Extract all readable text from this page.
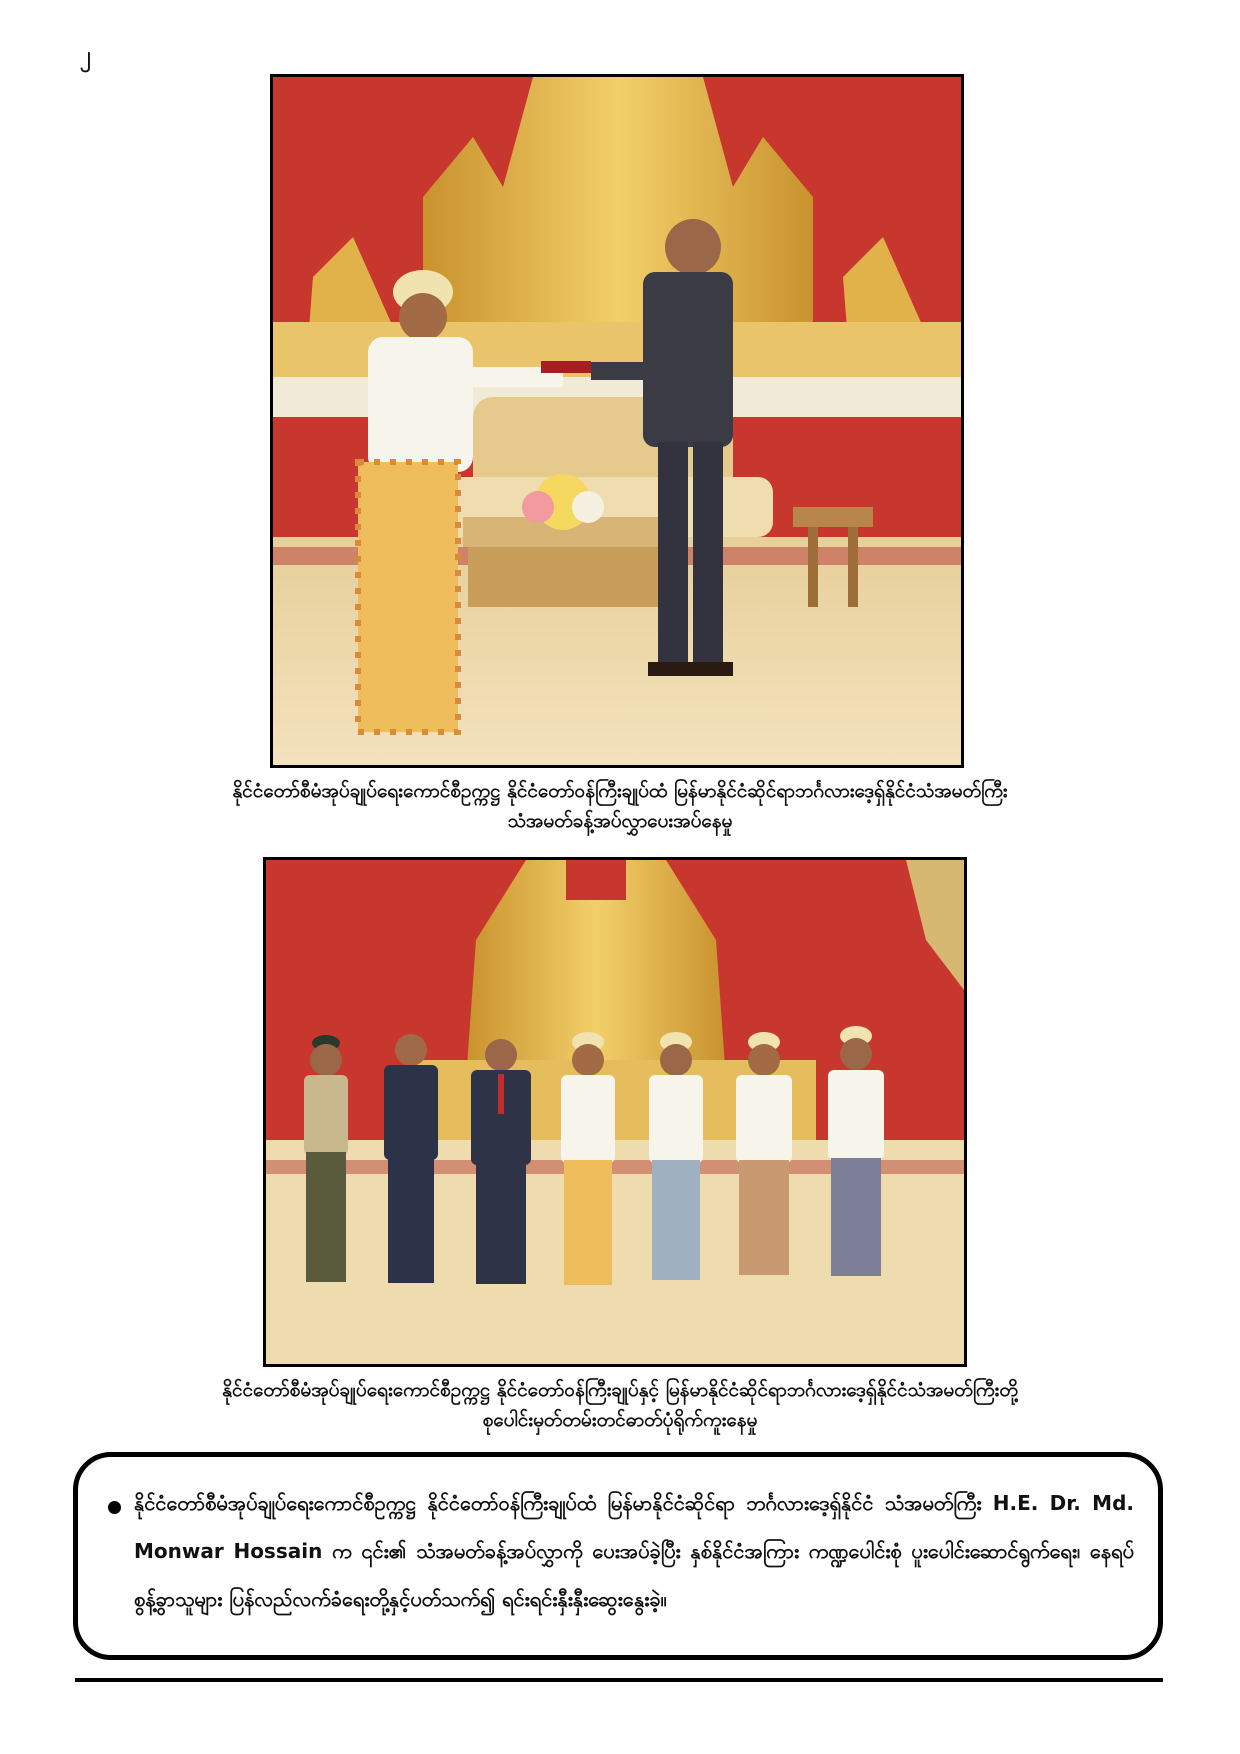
၂
နိုင်ငံတော်စီမံအုပ်ချုပ်ရေးကောင်စီဥက္ကဋ္ဌ နိုင်ငံတော်ဝန်ကြီးချုပ်ထံ မြန်မာနိုင်ငံဆိုင်ရာဘင်္ဂလားဒေ့ရှ်နိုင်ငံသံအမတ်ကြီး
သံအမတ်ခန့်အပ်လွှာပေးအပ်နေမှု
နိုင်ငံတော်စီမံအုပ်ချုပ်ရေးကောင်စီဥက္ကဋ္ဌ နိုင်ငံတော်ဝန်ကြီးချုပ်နှင့် မြန်မာနိုင်ငံဆိုင်ရာဘင်္ဂလားဒေ့ရှ်နိုင်ငံသံအမတ်ကြီးတို့
စုပေါင်းမှတ်တမ်းတင်ဓာတ်ပုံရိုက်ကူးနေမှု
နိုင်ငံတော်စီမံအုပ်ချုပ်ရေးကောင်စီဥက္ကဋ္ဌ နိုင်ငံတော်ဝန်ကြီးချုပ်ထံ မြန်မာနိုင်ငံဆိုင်ရာ ဘင်္ဂလားဒေ့ရှ်နိုင်ငံ သံအမတ်ကြီး H.E. Dr. Md. Monwar Hossain က ၎င်း၏ သံအမတ်ခန့်အပ်လွှာကို ပေးအပ်ခဲ့ပြီး နှစ်နိုင်ငံအကြား ကဏ္ဍပေါင်းစုံ ပူးပေါင်းဆောင်ရွက်ရေး၊ နေရပ်စွန့်ခွာသူများ ပြန်လည်လက်ခံရေးတို့နှင့်ပတ်သက်၍ ရင်းရင်းနှီးနှီးဆွေးနွေးခဲ့။
